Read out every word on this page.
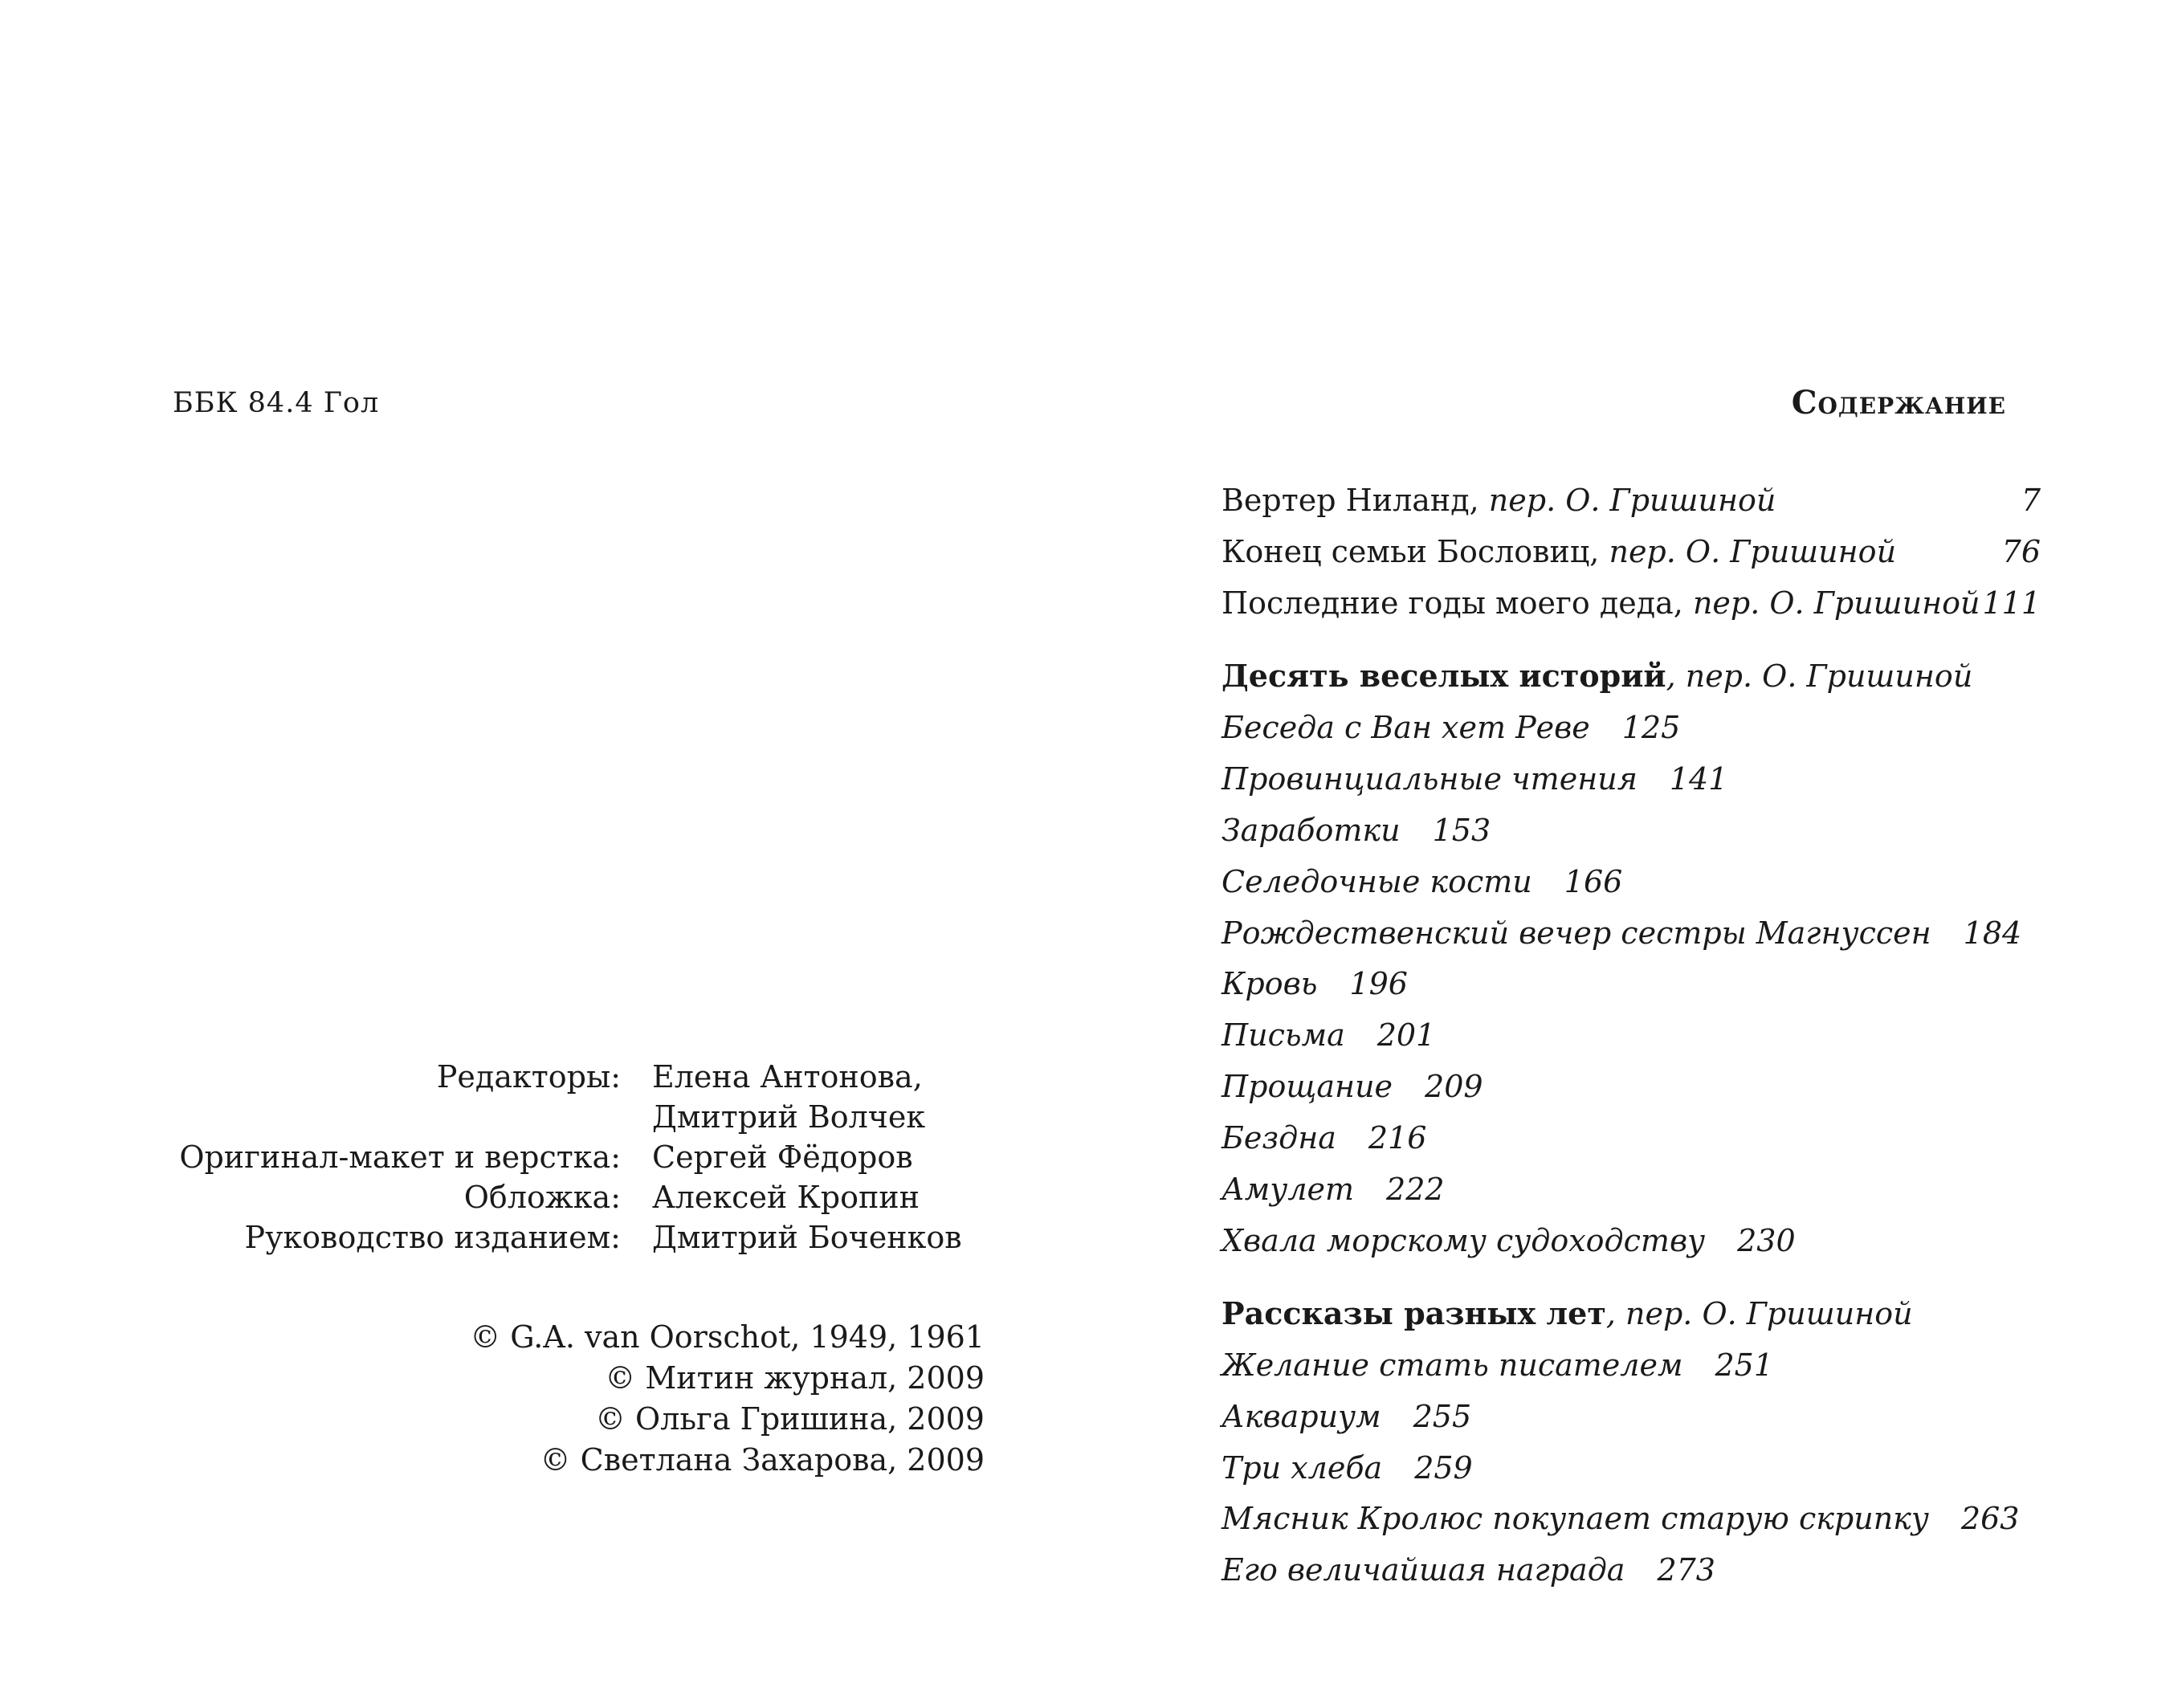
ББК 84.4 Гол
Редакторы:	Елена Антонова,
Дмитрий Волчек
Оригинал-макет и верстка:	Сергей Фёдоров
Обложка:	Алексей Кропин
Руководство изданием:	Дмитрий Боченков
© G.A. van Oorschot, 1949, 1961
© Митин журнал, 2009
© Ольга Гришина, 2009
© Светлана Захарова, 2009
Содержание
Вертер Ниланд, пер. О. Гришиной	7
Конец семьи Бословиц, пер. О. Гришиной	76
Последние годы моего деда, пер. О. Гришиной 111
Десять веселых историй, пер. О. Гришиной
Беседа с Ван хет Реве 125
Провинциальные чтения 141
Заработки 153
Селедочные кости 166
Рождественский вечер сестры Магнуссен 184
Кровь 196
Письма 201
Прощание 209
Бездна 216
Амулет 222
Хвала морскому судоходству 230
Рассказы разных лет, пер. О. Гришиной
Желание стать писателем 251
Аквариум 255
Три хлеба 259
Мясник Кролюс покупает старую скрипку 263
Его величайшая награда 273
